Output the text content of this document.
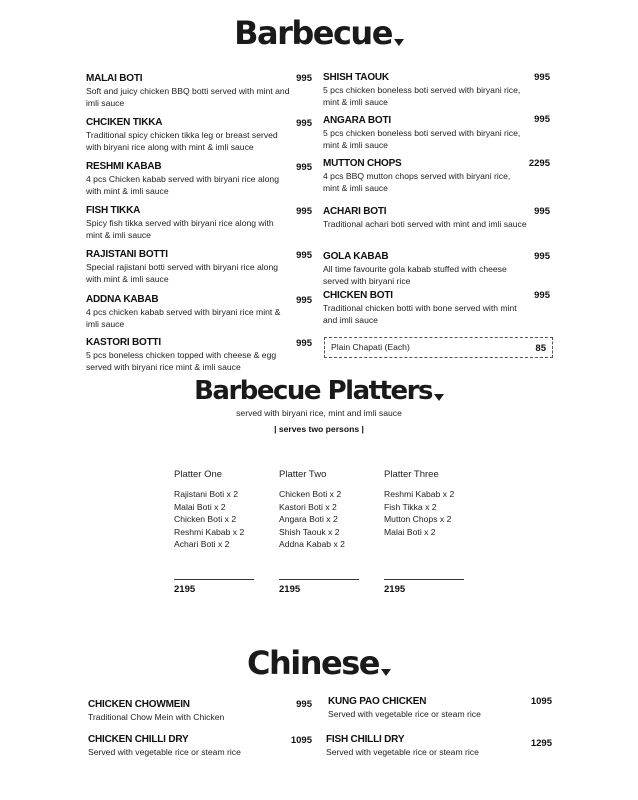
Barbecue
MALAI BOTI
Soft and juicy chicken BBQ botti served with mint and imli sauce
995
CHCIKEN TIKKA
Traditional spicy chicken tikka leg or breast served with biryani rice along with mint & imli sauce
995
RESHMI KABAB
4 pcs Chicken kabab served with biryani rice along with mint & imli sauce
995
FISH TIKKA
Spicy fish tikka served with biryani rice along with mint & imli sauce
995
RAJISTANI BOTTI
Special rajistani botti served with biryani rice along with mint & imli sauce
995
ADDNA KABAB
4 pcs chicken kabab served with biryani rice mint & imli sauce
995
KASTORI BOTTI
5 pcs boneless chicken topped with cheese & egg served with biryani rice mint & imli sauce
995
SHISH TAOUK
5 pcs chicken boneless boti served with biryani rice, mint & imli sauce
995
ANGARA BOTI
5 pcs chicken boneless boti served with biryani rice, mint & imli sauce
995
MUTTON CHOPS
4 pcs BBQ mutton chops served with biryani rice, mint & imli sauce
2295
ACHARI BOTI
Traditional achari boti served with mint and imli sauce
995
GOLA KABAB
All time favourite gola kabab stuffed with cheese served with biryani rice
995
CHICKEN BOTI
Traditional chicken botti with bone served with mint and imli sauce
995
Plain Chapati (Each)	85
Barbecue Platters
served with biryani rice, mint and imli sauce
| serves two persons |
Platter One
Rajistani Boti x 2
Malai Boti x 2
Chicken Boti x 2
Reshmi Kabab x 2
Achari Boti x 2
2195
Platter Two
Chicken Boti x 2
Kastori Boti x 2
Angara Boti x 2
Shish Taouk x 2
Addna Kabab x 2
2195
Platter Three
Reshmi Kabab x 2
Fish Tikka x 2
Mutton Chops x 2
Malai Boti x 2
2195
Chinese
CHICKEN CHOWMEIN
Traditional Chow Mein with Chicken
995
CHICKEN CHILLI DRY
Served with vegetable rice or steam rice
1095
KUNG PAO CHICKEN
Served with vegetable rice or steam rice
1095
FISH CHILLI DRY
Served with vegetable rice or steam rice
1295
